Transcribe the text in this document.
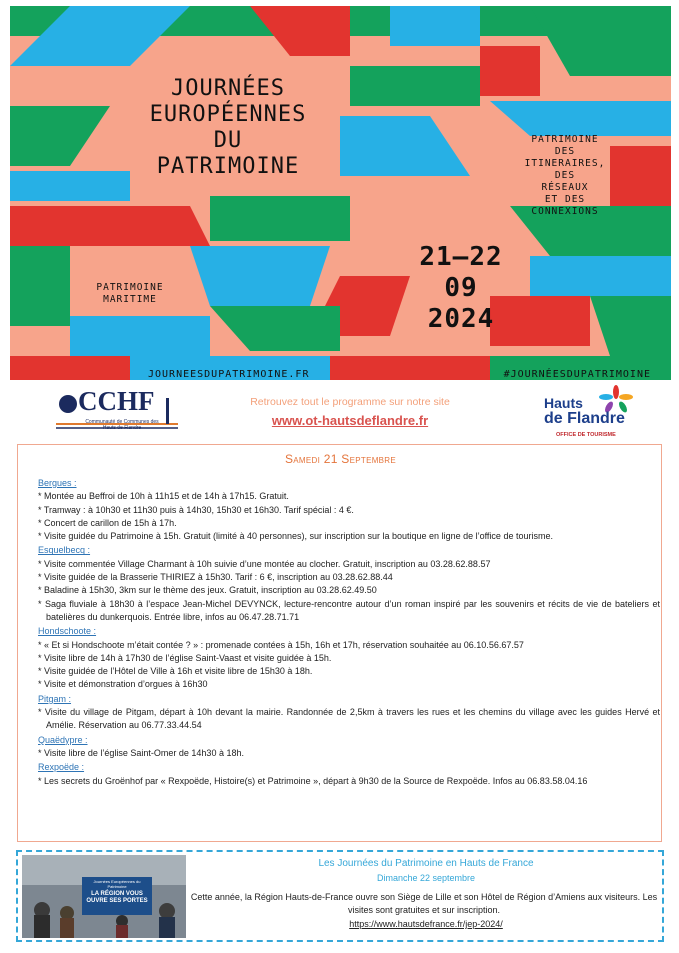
JOURNÉES
EUROPÉENNES
DU
PATRIMOINE
PATRIMOINE
DES
ITINERAIRES,
DES
RÉSEAUX
ET DES
CONNEXIONS
21–22
09
2024
PATRIMOINE
MARITIME
JOURNEESDUPATRIMOINE.FR	#JOURNÉESDUPATRIMOINE
CCHF
Communauté de Communes des Hauts de Flandre
Retrouvez tout le programme sur notre site
www.ot-hautsdeflandre.fr
Hauts
de Flandre
OFFICE DE TOURISME
Samedi 21 Septembre
Bergues :
* Montée au Beffroi de 10h à 11h15 et de 14h à 17h15. Gratuit.
* Tramway : à 10h30 et 11h30 puis à 14h30, 15h30 et 16h30. Tarif spécial : 4 €.
* Concert de carillon de 15h à 17h.
* Visite guidée du Patrimoine à 15h. Gratuit (limité à 40 personnes), sur inscription sur la boutique en ligne de l’office de tourisme.
Esquelbecq :
* Visite commentée Village Charmant à 10h suivie d’une montée au clocher. Gratuit, inscription au 03.28.62.88.57
* Visite guidée de la Brasserie THIRIEZ à 15h30. Tarif : 6 €, inscription au 03.28.62.88.44
* Baladine à 15h30, 3km sur le thème des jeux. Gratuit, inscription au 03.28.62.49.50
* Saga fluviale à 18h30 à l’espace Jean-Michel DEVYNCK, lecture-rencontre autour d’un roman inspiré par les souvenirs et récits de vie de bateliers et batelières du dunkerquois. Entrée libre, infos au 06.47.28.71.71
Hondschoote :
* « Et si Hondschoote m’était contée ? » : promenade contées à 15h, 16h et 17h, réservation souhaitée au 06.10.56.67.57
* Visite libre de 14h à 17h30 de l’église Saint-Vaast et visite guidée à 15h.
* Visite guidée de l’Hôtel de Ville à 16h et visite libre de 15h30 à 18h.
* Visite et démonstration d’orgues à 16h30
Pitgam :
* Visite du village de Pitgam, départ à 10h devant la mairie. Randonnée de 2,5km à travers les rues et les chemins du village avec les guides Hervé et Amélie. Réservation au 06.77.33.44.54
Quaëdypre :
* Visite libre de l’église Saint-Omer de 14h30 à 18h.
Rexpoëde :
* Les secrets du Groënhof par « Rexpoëde, Histoire(s) et Patrimoine », départ à 9h30 de la Source de Rexpoëde. Infos au 06.83.58.04.16
Journées Européennes du Patrimoine
LA RÉGION VOUS OUVRE SES PORTES
Les Journées du Patrimoine en Hauts de France
Dimanche 22 septembre
Cette année, la Région Hauts-de-France ouvre son Siège de Lille et son Hôtel de Région d’Amiens aux visiteurs. Les visites sont gratuites et sur inscription.
https://www.hautsdefrance.fr/jep-2024/
